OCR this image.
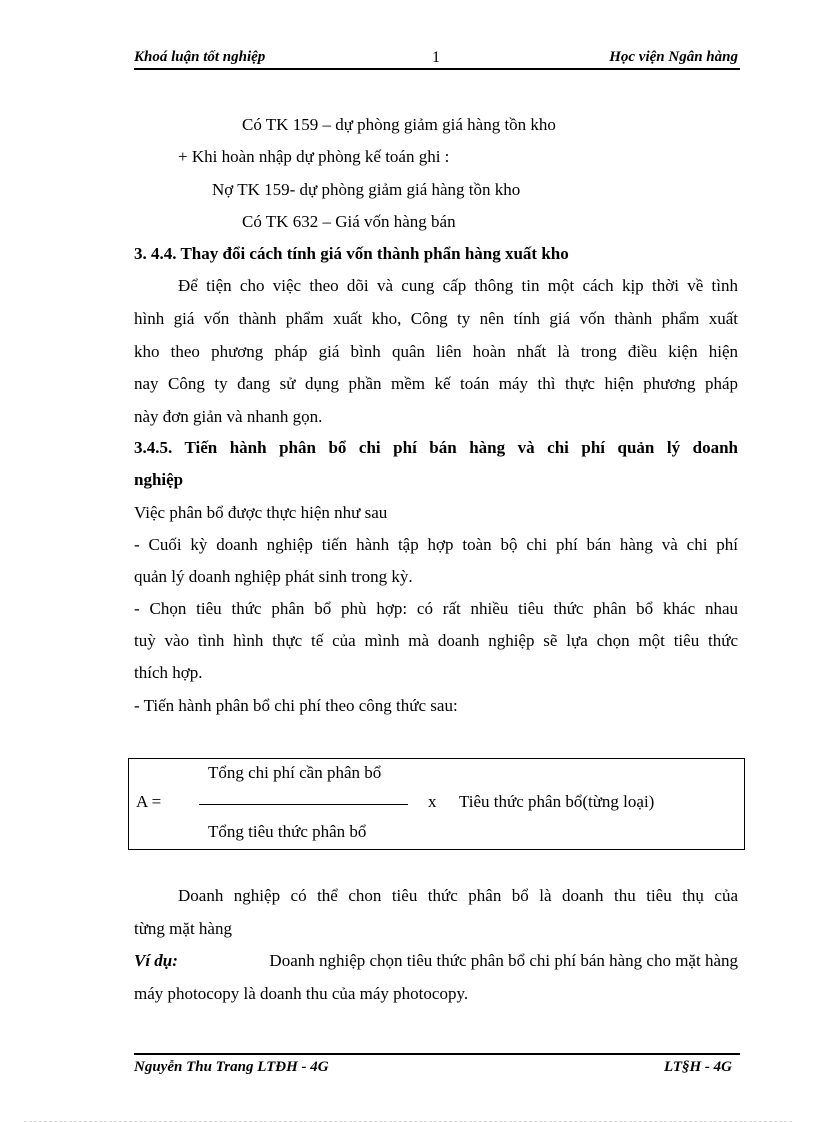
Khoá luận tốt nghiệp	1	Học viện Ngân hàng
Có TK 159 – dự phòng giảm giá hàng tồn kho
+ Khi hoàn nhập dự phòng kế toán ghi :
Nợ TK 159- dự phòng giảm giá hàng tồn kho
Có TK 632 – Giá vốn hàng bán
3. 4.4. Thay đổi cách tính giá vốn thành phẩn hàng xuất kho
Để tiện cho việc theo dõi và cung cấp thông tin một cách kịp thời về tình
hình giá vốn thành phẩm xuất kho, Công ty nên tính giá vốn thành phẩm xuất
kho theo phương pháp giá bình quân liên hoàn nhất là trong điều kiện hiện
nay Công ty đang sử dụng phần mềm kế toán máy thì thực hiện phương pháp
này đơn giản và nhanh gọn.
3.4.5. Tiến hành phân bổ chi phí bán hàng và chi phí quản lý doanh
nghiệp
Việc phân bổ được thực hiện như sau
- Cuối kỳ doanh nghiệp tiến hành tập hợp toàn bộ chi phí bán hàng và chi phí
quản lý doanh nghiệp phát sinh trong kỳ.
- Chọn tiêu thức phân bổ phù hợp: có rất nhiều tiêu thức phân bổ khác nhau
tuỳ vào tình hình thực tế của mình mà doanh nghiệp sẽ lựa chọn một tiêu thức
thích hợp.
- Tiến hành phân bổ chi phí theo công thức sau:
A =
Tổng chi phí cần phân bổ
Tổng tiêu thức phân bổ
x Tiêu thức phân bổ(từng loại)
Doanh nghiệp có thể chon tiêu thức phân bổ là doanh thu tiêu thụ của
từng mặt hàng
Ví dụ:	Doanh nghiệp chọn tiêu thức phân bổ chi phí bán hàng cho mặt hàng
máy photocopy là doanh thu của máy photocopy.
Nguyễn Thu Trang LTĐH - 4G	LT§H - 4G
